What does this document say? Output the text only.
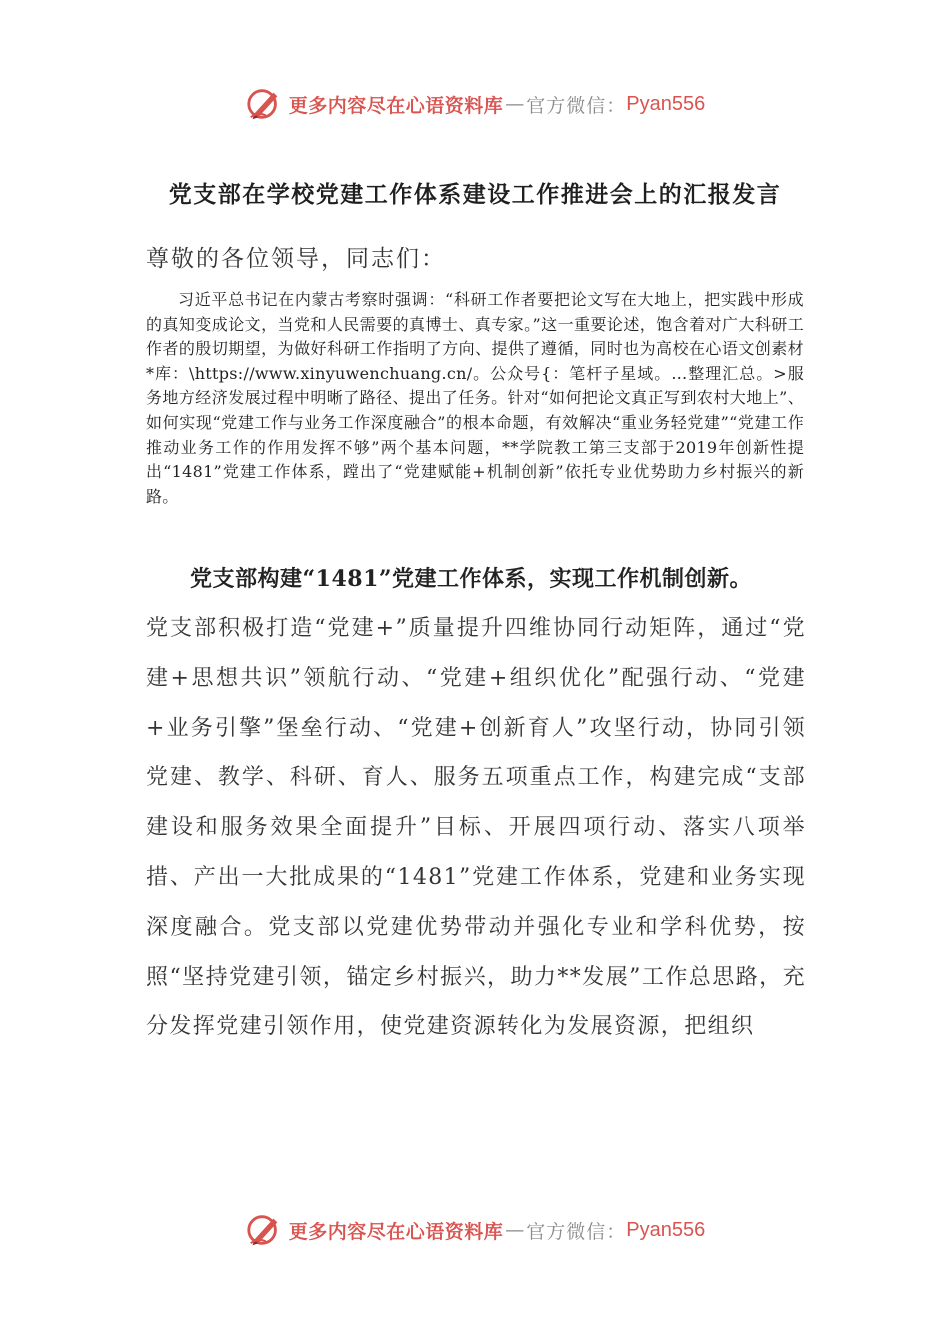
更多内容尽在心语资料库 — 官方微信： Pyan556
党支部在学校党建工作体系建设工作推进会上的汇报发言

尊敬的各位领导，同志们：

习近平总书记在内蒙古考察时强调：“科研工作者要把论文写在大地上，把实践中形成的真知变成论文，当党和人民需要的真博士、真专家。”这一重要论述，饱含着对广大科研工作者的殷切期望，为做好科研工作指明了方向、提供了遵循，同时也为高校在心语文创素材*库：\https://www.xinyuwenchuang.cn/。公众号{：笔杆子星域。…整理汇总。>服务地方经济发展过程中明晰了路径、提出了任务。针对“如何把论文真正写到农村大地上”、如何实现“党建工作与业务工作深度融合”的根本命题，有效解决“重业务轻党建”“党建工作推动业务工作的作用发挥不够”两个基本问题，**学院教工第三支部于2019年创新性提出“1481”党建工作体系，蹚出了“党建赋能+机制创新”依托专业优势助力乡村振兴的新路。

党支部构建“1481”党建工作体系，实现工作机制创新。

党支部积极打造“党建+”质量提升四维协同行动矩阵，通过“党建+思想共识”领航行动、“党建+组织优化”配强行动、“党建+业务引擎”堡垒行动、“党建+创新育人”攻坚行动，协同引领党建、教学、科研、育人、服务五项重点工作，构建完成“支部建设和服务效果全面提升”目标、开展四项行动、落实八项举措、产出一大批成果的“1481”党建工作体系，党建和业务实现深度融合。党支部以党建优势带动并强化专业和学科优势，按照“坚持党建引领，锚定乡村振兴，助力**发展”工作总思路，充分发挥党建引领作用，使党建资源转化为发展资源，把组织

更多内容尽在心语资料库 — 官方微信： Pyan556
